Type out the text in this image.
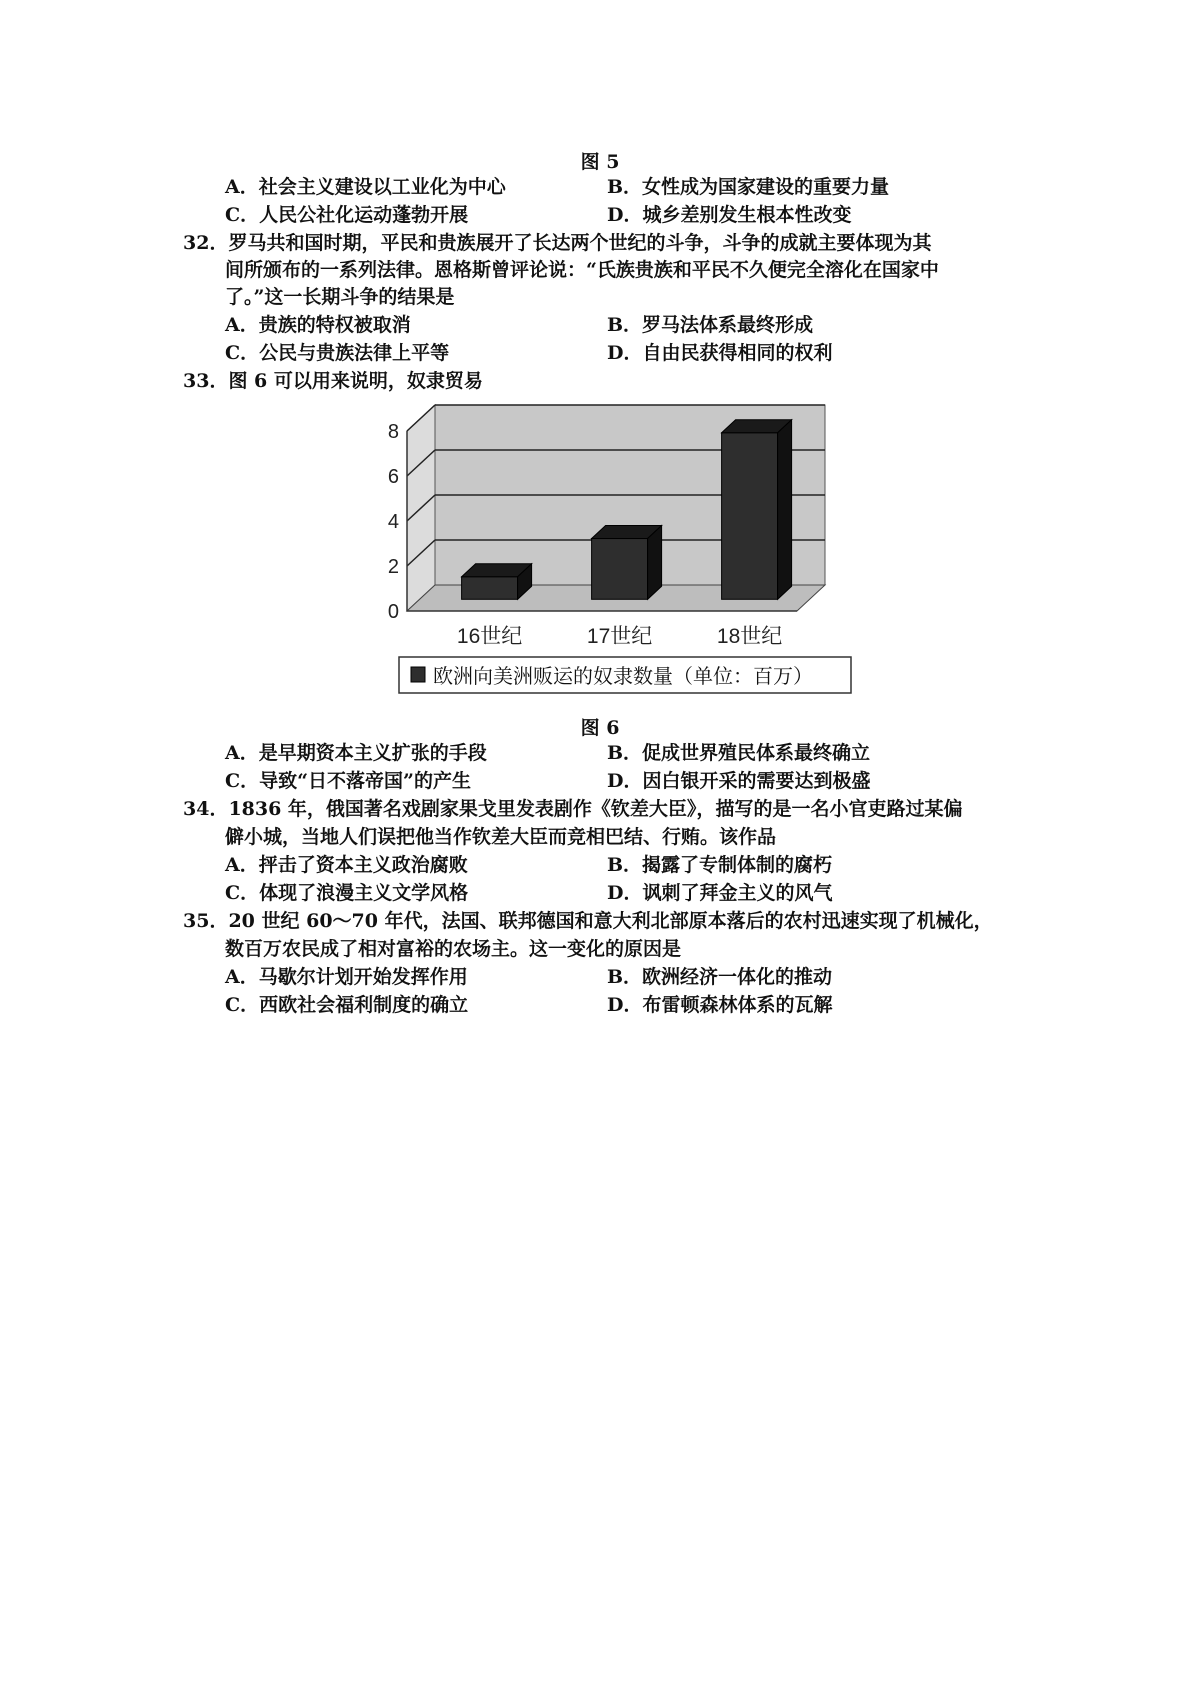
图 5
A．社会主义建设以工业化为中心	B．女性成为国家建设的重要力量
C．人民公社化运动蓬勃开展	D．城乡差别发生根本性改变
32．罗马共和国时期，平民和贵族展开了长达两个世纪的斗争，斗争的成就主要体现为其
间所颁布的一系列法律。恩格斯曾评论说：“氏族贵族和平民不久便完全溶化在国家中
了。”这一长期斗争的结果是
A．贵族的特权被取消	B．罗马法体系最终形成
C．公民与贵族法律上平等	D．自由民获得相同的权利
33．图 6 可以用来说明，奴隶贸易
0
2
4
6
8
16世纪	17世纪	18世纪
欧洲向美洲贩运的奴隶数量（单位：百万）
图 6
A．是早期资本主义扩张的手段	B．促成世界殖民体系最终确立
C．导致“日不落帝国”的产生	D．因白银开采的需要达到极盛
34．1836 年，俄国著名戏剧家果戈里发表剧作《钦差大臣》，描写的是一名小官吏路过某偏
僻小城，当地人们误把他当作钦差大臣而竞相巴结、行贿。该作品
A．抨击了资本主义政治腐败	B．揭露了专制体制的腐朽
C．体现了浪漫主义文学风格	D．讽刺了拜金主义的风气
35．20 世纪 60～70 年代，法国、联邦德国和意大利北部原本落后的农村迅速实现了机械化，
数百万农民成了相对富裕的农场主。这一变化的原因是
A．马歇尔计划开始发挥作用	B．欧洲经济一体化的推动
C．西欧社会福利制度的确立	D．布雷顿森林体系的瓦解
